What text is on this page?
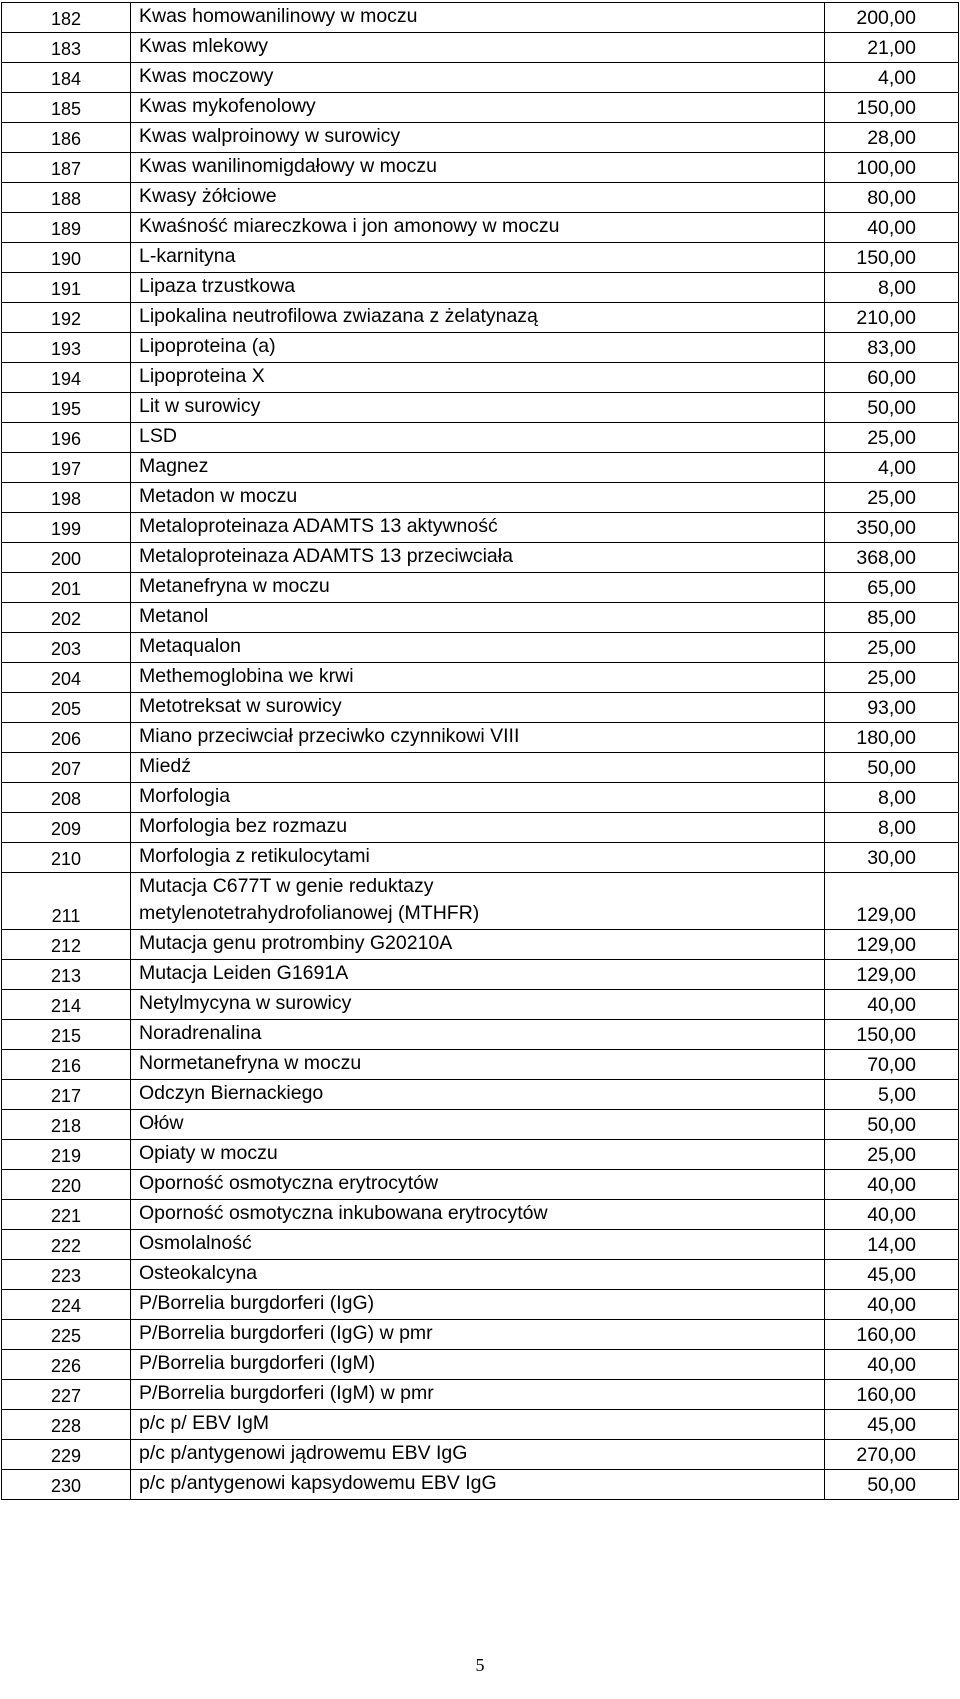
182	Kwas homowanilinowy w moczu	200,00
183	Kwas mlekowy	21,00
184	Kwas moczowy	4,00
185	Kwas mykofenolowy	150,00
186	Kwas walproinowy w surowicy	28,00
187	Kwas wanilinomigdałowy w moczu	100,00
188	Kwasy żółciowe	80,00
189	Kwaśność miareczkowa i jon amonowy w moczu	40,00
190	L-karnityna	150,00
191	Lipaza trzustkowa	8,00
192	Lipokalina neutrofilowa zwiazana z żelatynazą	210,00
193	Lipoproteina (a)	83,00
194	Lipoproteina X	60,00
195	Lit w surowicy	50,00
196	LSD	25,00
197	Magnez	4,00
198	Metadon w moczu	25,00
199	Metaloproteinaza ADAMTS 13 aktywność	350,00
200	Metaloproteinaza ADAMTS 13 przeciwciała	368,00
201	Metanefryna w moczu	65,00
202	Metanol	85,00
203	Metaqualon	25,00
204	Methemoglobina we krwi	25,00
205	Metotreksat w surowicy	93,00
206	Miano przeciwciał przeciwko czynnikowi VIII	180,00
207	Miedź	50,00
208	Morfologia	8,00
209	Morfologia bez rozmazu	8,00
210	Morfologia z retikulocytami	30,00
211	Mutacja C677T w genie reduktazy
metylenotetrahydrofolianowej (MTHFR)	129,00
212	Mutacja genu protrombiny G20210A	129,00
213	Mutacja Leiden G1691A	129,00
214	Netylmycyna w surowicy	40,00
215	Noradrenalina	150,00
216	Normetanefryna w moczu	70,00
217	Odczyn Biernackiego	5,00
218	Ołów	50,00
219	Opiaty w moczu	25,00
220	Oporność osmotyczna erytrocytów	40,00
221	Oporność osmotyczna inkubowana erytrocytów	40,00
222	Osmolalność	14,00
223	Osteokalcyna	45,00
224	P/Borrelia burgdorferi (IgG)	40,00
225	P/Borrelia burgdorferi (IgG) w pmr	160,00
226	P/Borrelia burgdorferi (IgM)	40,00
227	P/Borrelia burgdorferi (IgM) w pmr	160,00
228	p/c p/ EBV IgM	45,00
229	p/c p/antygenowi jądrowemu EBV IgG	270,00
230	p/c p/antygenowi kapsydowemu EBV IgG	50,00
5
